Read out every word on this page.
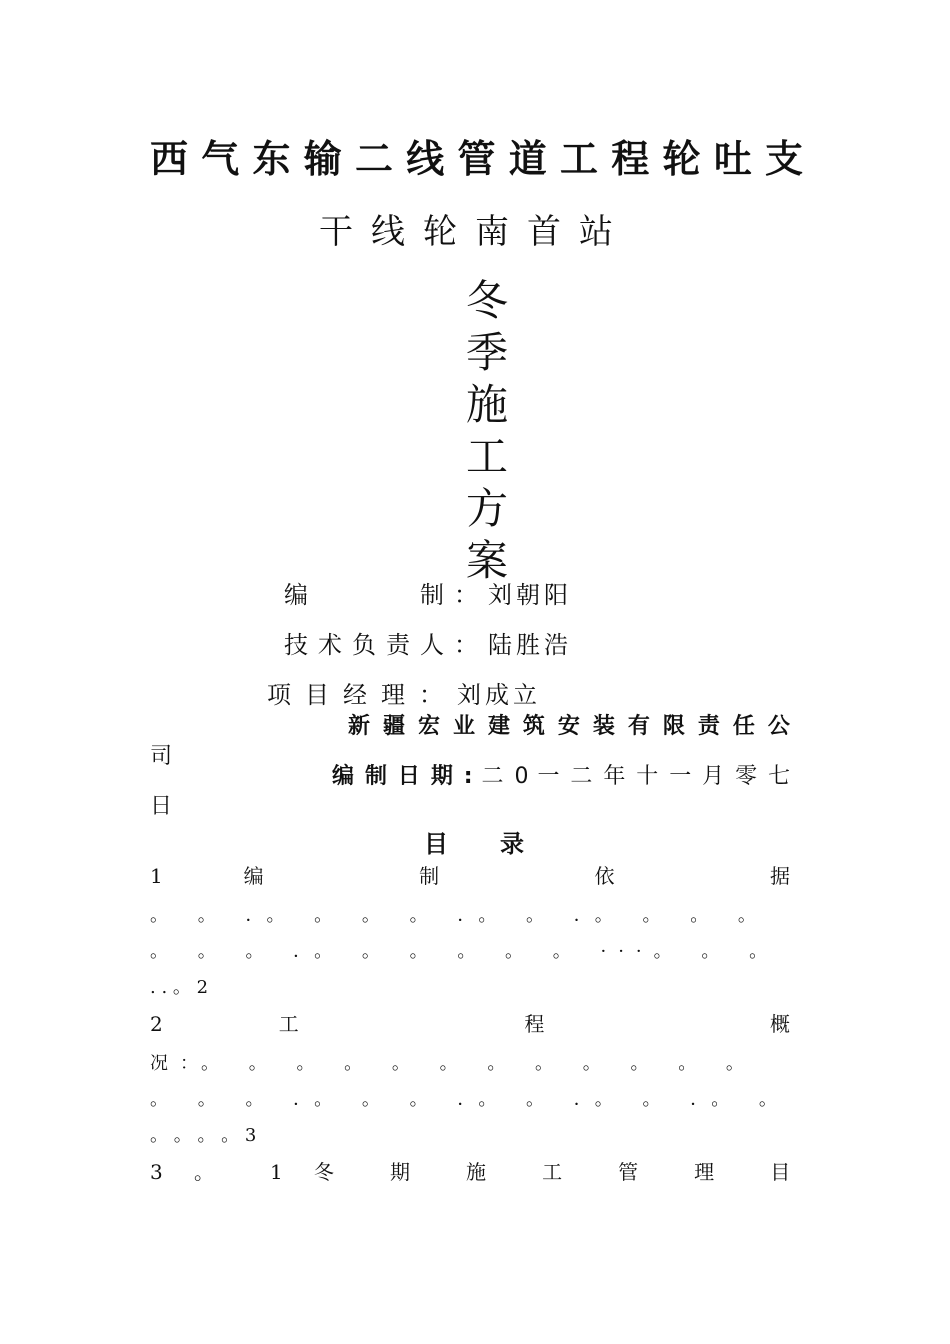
西 气 东 输 二 线 管 道 工 程 轮 吐 支
干线轮南首站
冬
季
施
工
方
案
编　　　制：刘朝阳
技术负责人：陆胜浩
项目经理：刘成立
新 疆 宏 业 建 筑 安 装 有 限 责 任 公
司
编 制 日 期 : 二 0 一 二 年 十 一 月 零 七
日
目 录
1	编	制	依	据
。 。 ．。 。 。 。 ．。 。 ．。 。 。 。
。 。 。 ．。 。 。 。 。 。 ···。 。 。
. . 。 2
2	工	程	概
况：。 。 。 。 。 。 。 。 。 。 。 。
。 。 。 ．。 。 。 ．。 。 ．。 。 ．。 。
。 。 。 。 3
3 。 1 冬 期 施 工 管 理 目
